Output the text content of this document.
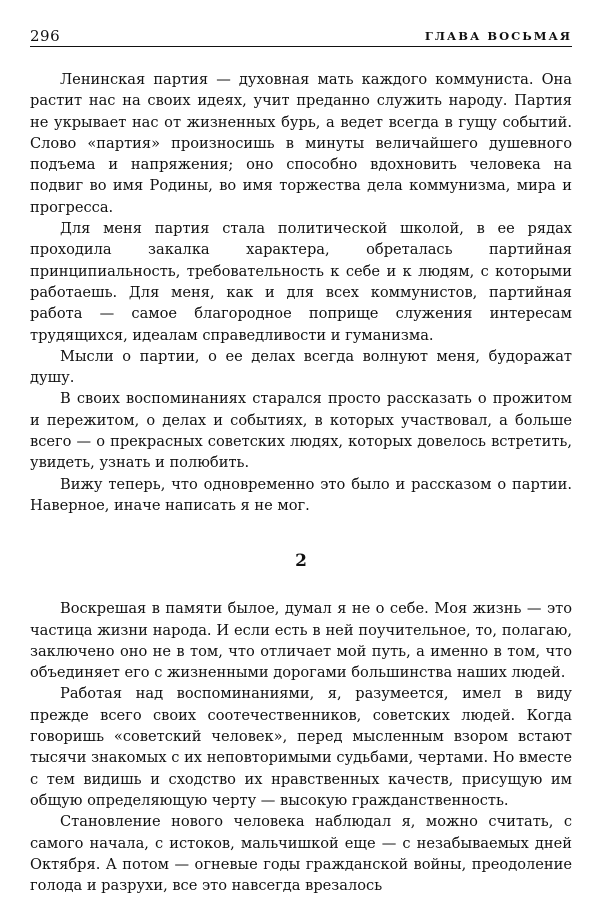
296	ГЛАВА ВОСЬМАЯ

Ленинская партия — духовная мать каждого коммуниста. Она растит нас на своих идеях, учит преданно служить народу. Партия не укрывает нас от жизненных бурь, а ведет всегда в гущу событий. Слово «партия» произносишь в минуты величайшего душевного подъема и напряжения; оно способно вдохновить человека на подвиг во имя Родины, во имя торжества дела коммунизма, мира и прогресса.

Для меня партия стала политической школой, в ее рядах проходила закалка характера, обреталась партийная принципиальность, требовательность к себе и к людям, с которыми работаешь. Для меня, как и для всех коммунистов, партийная работа — самое благородное поприще служения интересам трудящихся, идеалам справедливости и гуманизма.

Мысли о партии, о ее делах всегда волнуют меня, будоражат душу.

В своих воспоминаниях старался просто рассказать о прожитом и пережитом, о делах и событиях, в которых участвовал, а больше всего — о прекрасных советских людях, которых довелось встретить, увидеть, узнать и полюбить.

Вижу теперь, что одновременно это было и рассказом о партии. Наверное, иначе написать я не мог.

2

Воскрешая в памяти былое, думал я не о себе. Моя жизнь — это частица жизни народа. И если есть в ней поучительное, то, полагаю, заключено оно не в том, что отличает мой путь, а именно в том, что объединяет его с жизненными дорогами большинства наших людей.

Работая над воспоминаниями, я, разумеется, имел в виду прежде всего своих соотечественников, советских людей. Когда говоришь «советский человек», перед мысленным взором встают тысячи знакомых с их неповторимыми судьбами, чертами. Но вместе с тем видишь и сходство их нравственных качеств, присущую им общую определяющую черту — высокую гражданственность.

Становление нового человека наблюдал я, можно считать, с самого начала, с истоков, мальчишкой еще — с незабываемых дней Октября. А потом — огневые годы гражданской войны, преодоление голода и разрухи, все это навсегда врезалось
